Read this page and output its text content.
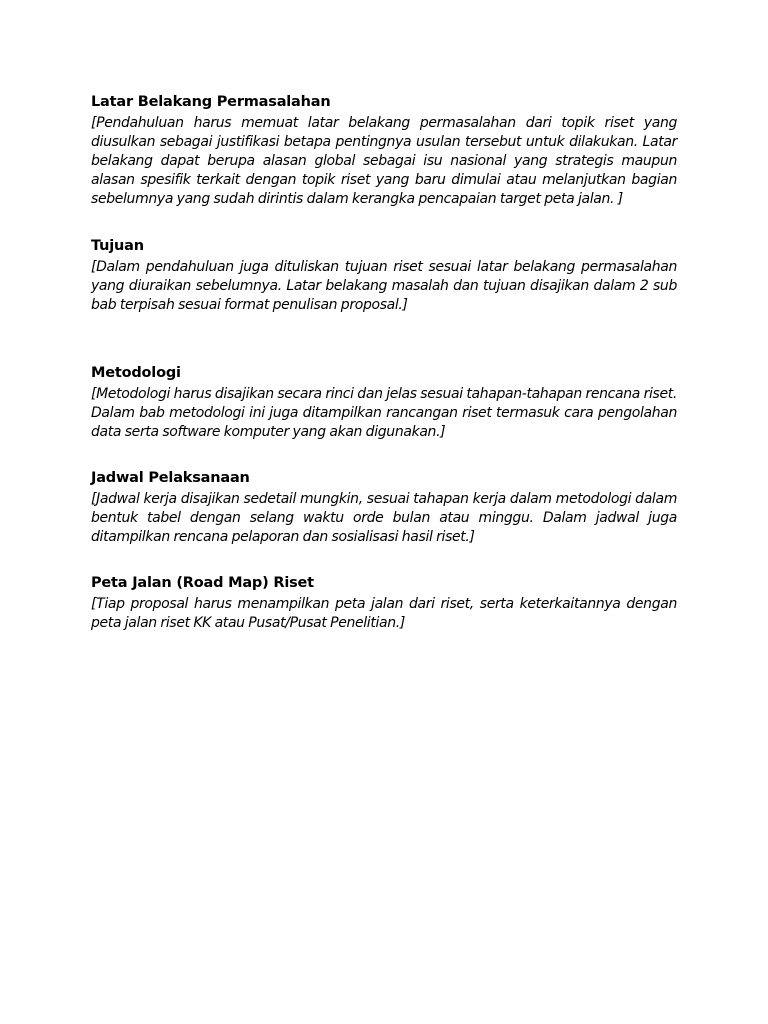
Latar Belakang Permasalahan

[Pendahuluan harus memuat latar belakang permasalahan dari topik riset yang diusulkan sebagai justifikasi betapa pentingnya usulan tersebut untuk dilakukan. Latar belakang dapat berupa alasan global sebagai isu nasional yang strategis maupun alasan spesifik terkait dengan topik riset yang baru dimulai atau melanjutkan bagian sebelumnya yang sudah dirintis dalam kerangka pencapaian target peta jalan. ]

Tujuan

[Dalam pendahuluan juga dituliskan tujuan riset sesuai latar belakang permasalahan yang diuraikan sebelumnya. Latar belakang masalah dan tujuan disajikan dalam 2 sub bab terpisah sesuai format penulisan proposal.]

Metodologi

[Metodologi harus disajikan secara rinci dan jelas sesuai tahapan-tahapan rencana riset. Dalam bab metodologi ini juga ditampilkan rancangan riset termasuk cara pengolahan data serta software komputer yang akan digunakan.]

Jadwal Pelaksanaan

[Jadwal kerja disajikan sedetail mungkin, sesuai tahapan kerja dalam metodologi dalam bentuk tabel dengan selang waktu orde bulan atau minggu. Dalam jadwal juga ditampilkan rencana pelaporan dan sosialisasi hasil riset.]

Peta Jalan (Road Map) Riset

[Tiap proposal harus menampilkan peta jalan dari riset, serta keterkaitannya dengan peta jalan riset KK atau Pusat/Pusat Penelitian.]
